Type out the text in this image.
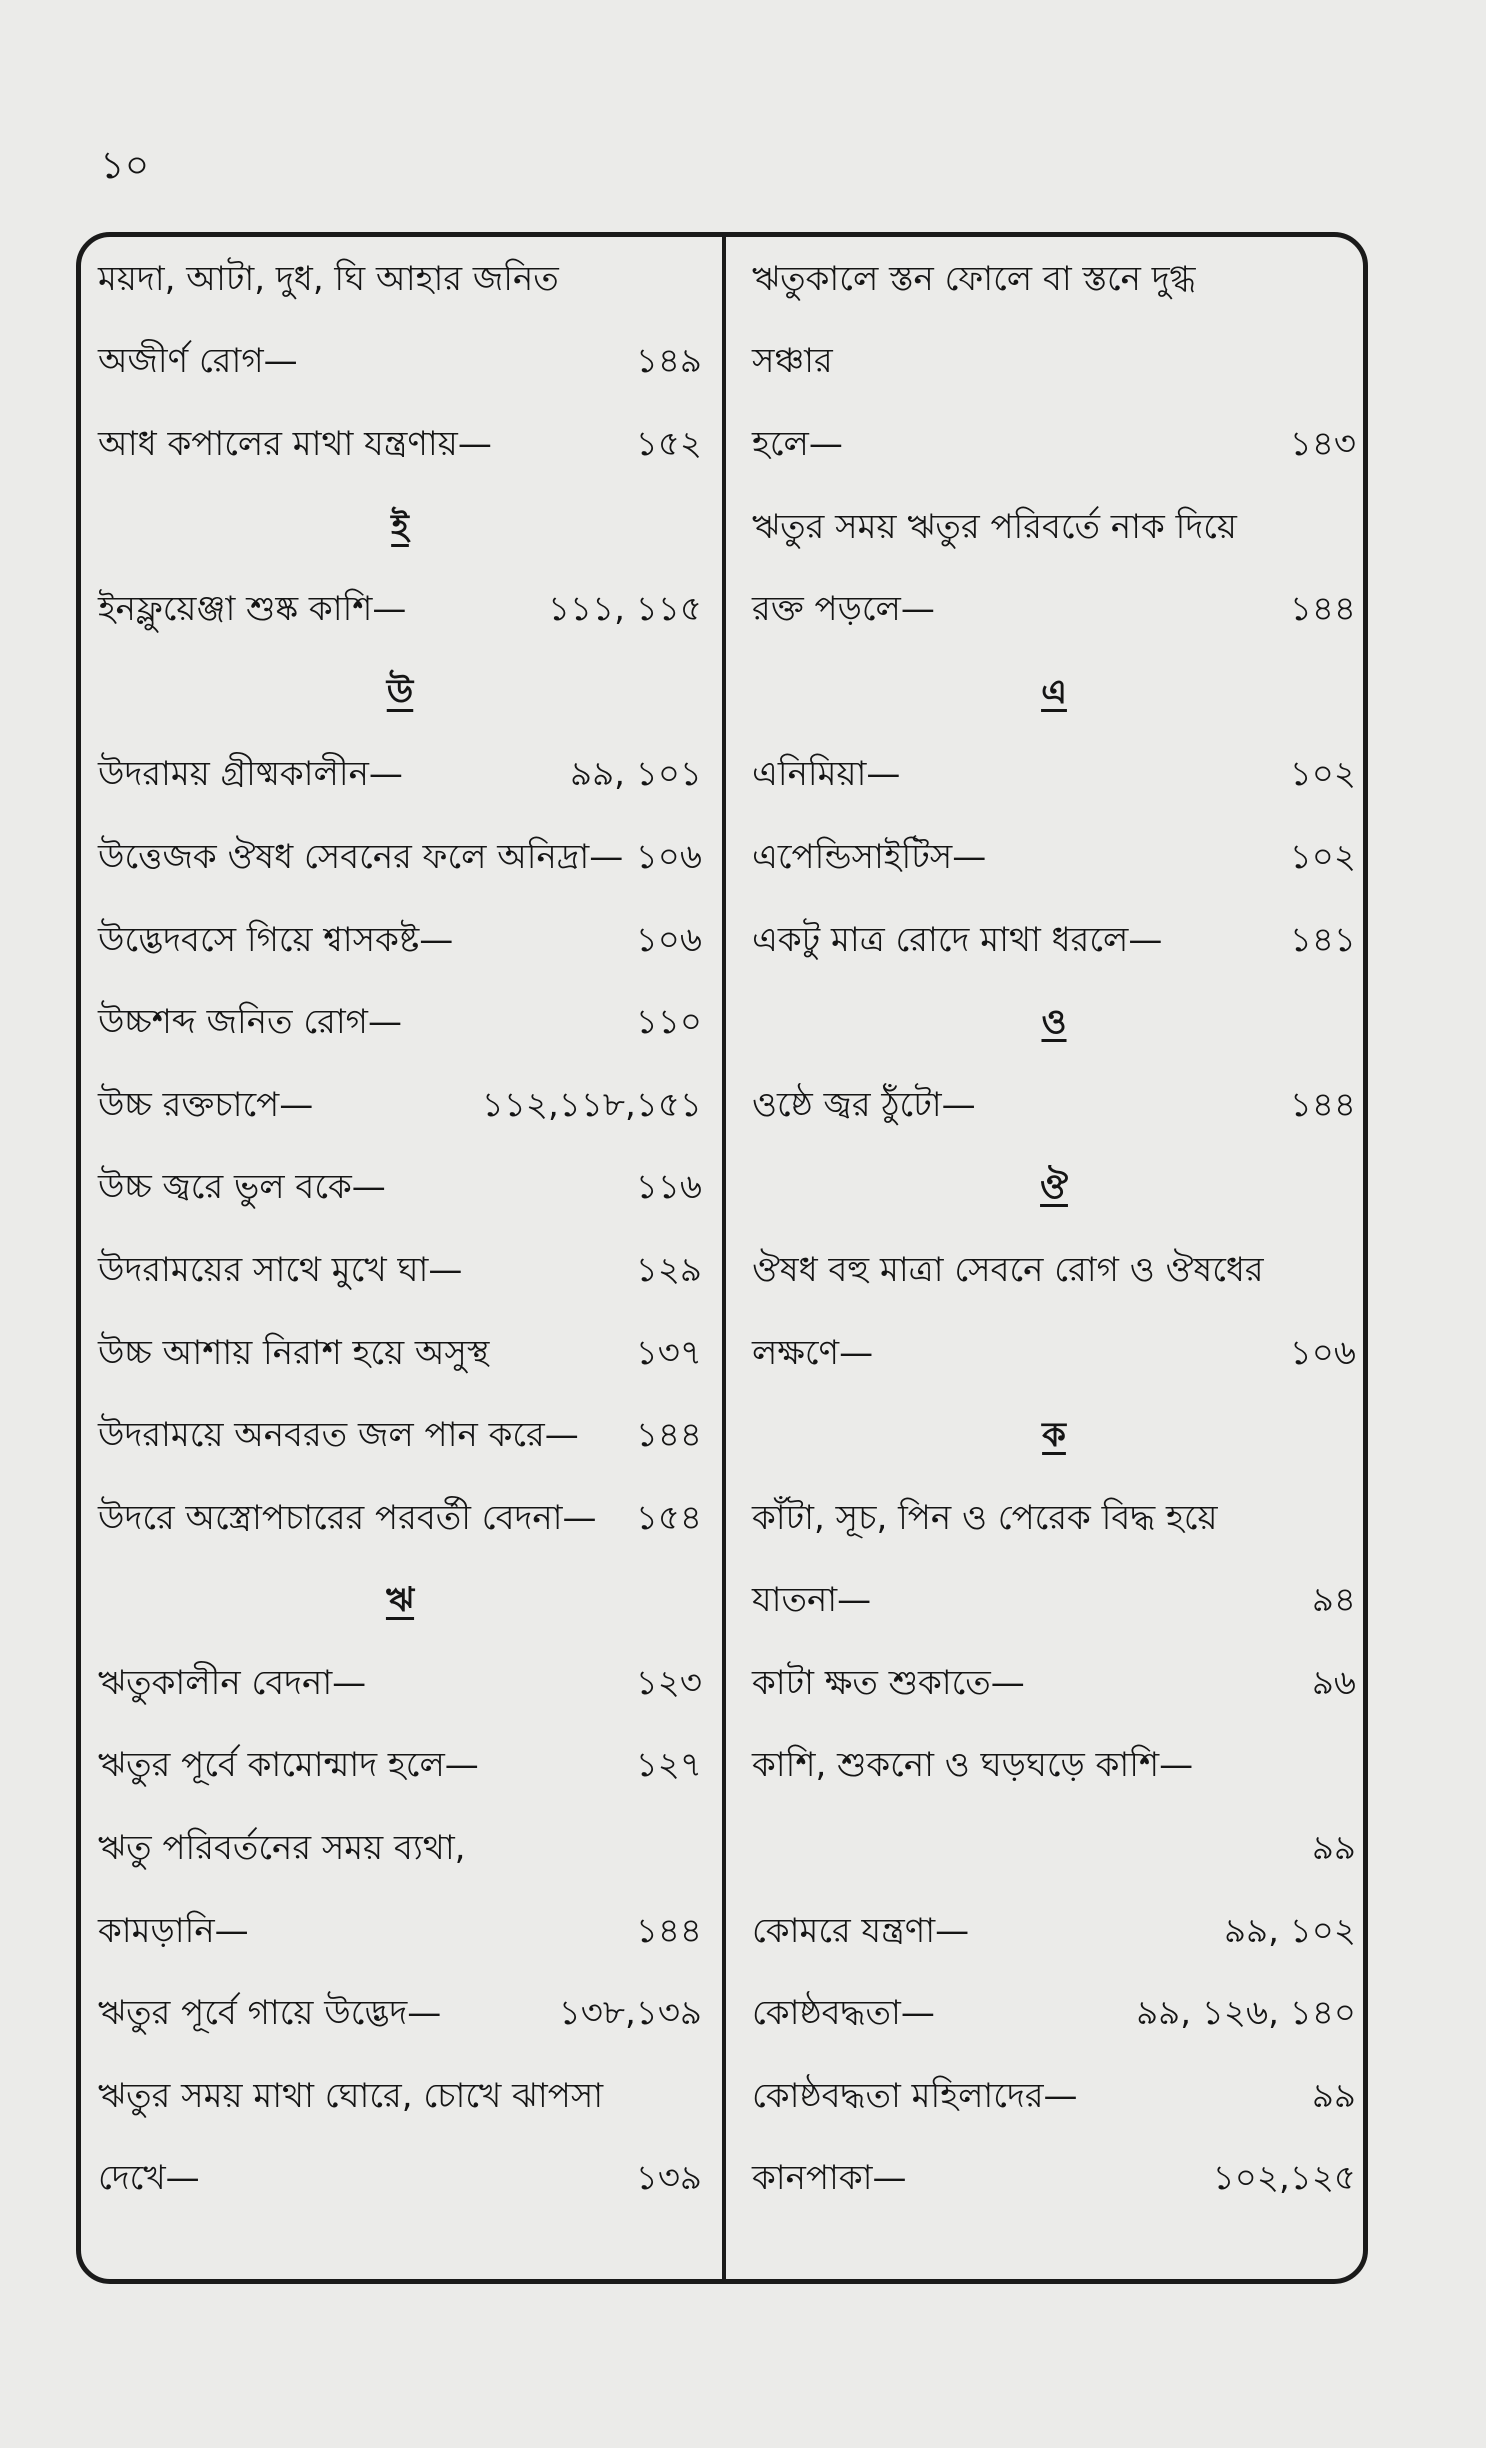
১০
ময়দা, আটা, দুধ, ঘি আহার জনিত
অজীর্ণ রোগ—	১৪৯
আধ কপালের মাথা যন্ত্রণায়—	১৫২
ই
ইনফ্লুয়েঞ্জা শুষ্ক কাশি—	১১১, ১১৫
উ
উদরাময় গ্রীষ্মকালীন—	৯৯, ১০১
উত্তেজক ঔষধ সেবনের ফলে অনিদ্রা— ১০৬
উদ্ভেদবসে গিয়ে শ্বাসকষ্ট—	১০৬
উচ্চশব্দ জনিত রোগ—	১১০
উচ্চ রক্তচাপে—	১১২,১১৮,১৫১
উচ্চ জ্বরে ভুল বকে—	১১৬
উদরাময়ের সাথে মুখে ঘা—	১২৯
উচ্চ আশায় নিরাশ হয়ে অসুস্থ	১৩৭
উদরাময়ে অনবরত জল পান করে— ১৪৪
উদরে অস্ত্রোপচারের পরবর্তী বেদনা— ১৫৪
ঋ
ঋতুকালীন বেদনা—	১২৩
ঋতুর পূর্বে কামোন্মাদ হলে—	১২৭
ঋতু পরিবর্তনের সময় ব্যথা,
কামড়ানি—	১৪৪
ঋতুর পূর্বে গায়ে উদ্ভেদ—	১৩৮,১৩৯
ঋতুর সময় মাথা ঘোরে, চোখে ঝাপসা
দেখে—	১৩৯
ঋতুকালে স্তন ফোলে বা স্তনে দুগ্ধ
সঞ্চার
হলে—	১৪৩
ঋতুর সময় ঋতুর পরিবর্তে নাক দিয়ে
রক্ত পড়লে—	১৪৪
এ
এনিমিয়া—	১০২
এপেন্ডিসাইটিস—	১০২
একটু মাত্র রোদে মাথা ধরলে—	১৪১
ও
ওষ্ঠে জ্বর ঠুঁটো—	১৪৪
ঔ
ঔষধ বহু মাত্রা সেবনে রোগ ও ঔষধের
লক্ষণে—	১০৬
ক
কাঁটা, সূচ, পিন ও পেরেক বিদ্ধ হয়ে
যাতনা—	৯৪
কাটা ক্ষত শুকাতে—	৯৬
কাশি, শুকনো ও ঘড়ঘড়ে কাশি—
৯৯
কোমরে যন্ত্রণা—	৯৯, ১০২
কোষ্ঠবদ্ধতা—	৯৯, ১২৬, ১৪০
কোষ্ঠবদ্ধতা মহিলাদের—	৯৯
কানপাকা—	১০২,১২৫
